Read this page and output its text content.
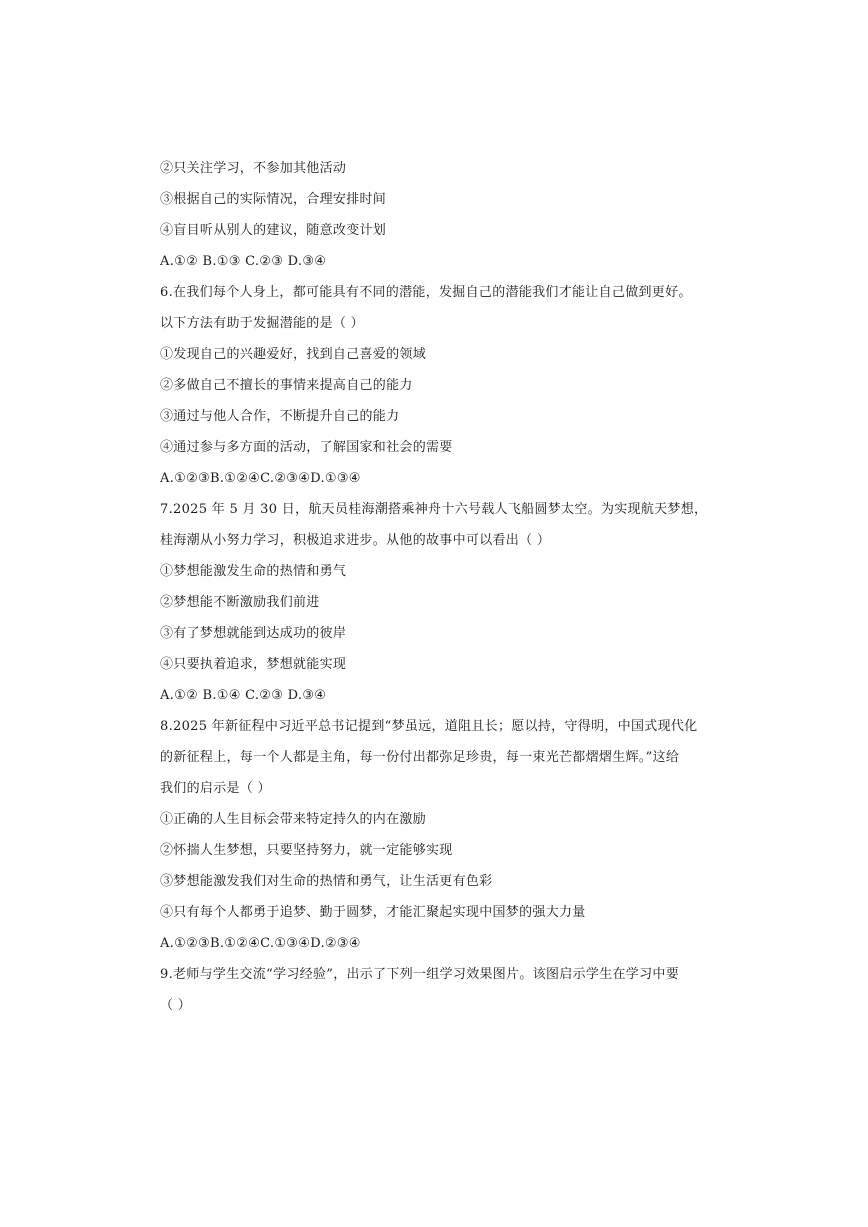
②只关注学习，不参加其他活动
③根据自己的实际情况，合理安排时间
④盲目听从别人的建议，随意改变计划
A.①② B.①③ C.②③ D.③④
6.在我们每个人身上，都可能具有不同的潜能，发掘自己的潜能我们才能让自己做到更好。
以下方法有助于发掘潜能的是（ ）
①发现自己的兴趣爱好，找到自己喜爱的领域
②多做自己不擅长的事情来提高自己的能力
③通过与他人合作，不断提升自己的能力
④通过参与多方面的活动，了解国家和社会的需要
A.①②③B.①②④C.②③④D.①③④
7.2025 年 5 月 30 日，航天员桂海潮搭乘神舟十六号载人飞船圆梦太空。为实现航天梦想，
桂海潮从小努力学习，积极追求进步。从他的故事中可以看出（ ）
①梦想能激发生命的热情和勇气
②梦想能不断激励我们前进
③有了梦想就能到达成功的彼岸
④只要执着追求，梦想就能实现
A.①② B.①④ C.②③ D.③④
8.2025 年新征程中习近平总书记提到“梦虽远，道阻且长；愿以持，守得明，中国式现代化
的新征程上，每一个人都是主角，每一份付出都弥足珍贵，每一束光芒都熠熠生辉。”这给
我们的启示是（ ）
①正确的人生目标会带来特定持久的内在激励
②怀揣人生梦想，只要坚持努力，就一定能够实现
③梦想能激发我们对生命的热情和勇气，让生活更有色彩
④只有每个人都勇于追梦、勤于圆梦，才能汇聚起实现中国梦的强大力量
A.①②③B.①②④C.①③④D.②③④
9.老师与学生交流“学习经验”，出示了下列一组学习效果图片。该图启示学生在学习中要
（ ）
